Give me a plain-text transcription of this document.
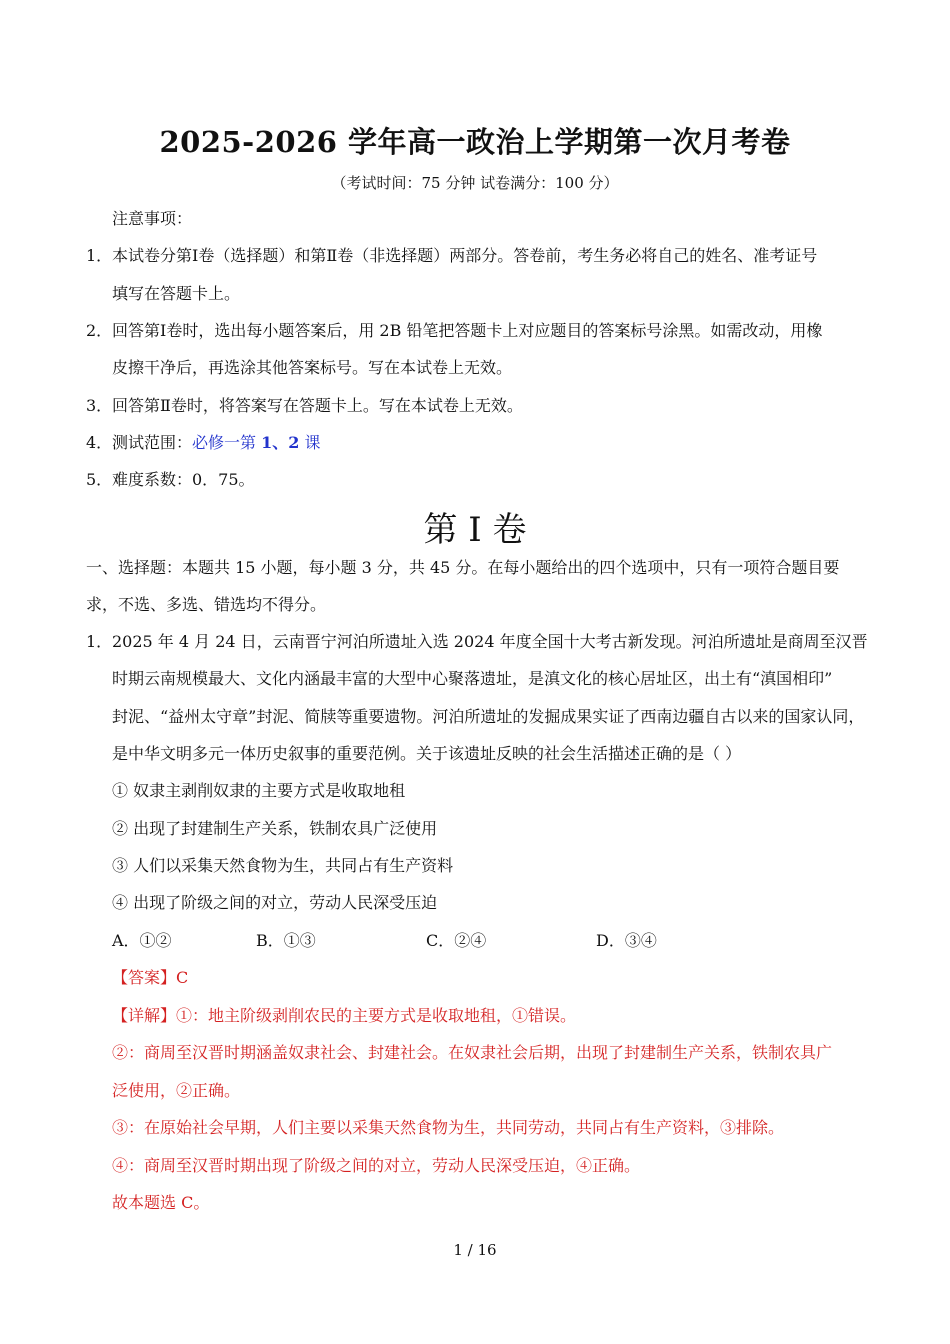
2025-2026 学年高一政治上学期第一次月考卷
（考试时间：75 分钟 试卷满分：100 分）
注意事项：
1．本试卷分第Ⅰ卷（选择题）和第Ⅱ卷（非选择题）两部分。答卷前，考生务必将自己的姓名、准考证号
填写在答题卡上。
2．回答第Ⅰ卷时，选出每小题答案后，用 2B 铅笔把答题卡上对应题目的答案标号涂黑。如需改动，用橡
皮擦干净后，再选涂其他答案标号。写在本试卷上无效。
3．回答第Ⅱ卷时，将答案写在答题卡上。写在本试卷上无效。
4．测试范围：必修一第 1、2 课
5．难度系数：0．75。
第 I 卷
一、选择题：本题共 15 小题，每小题 3 分，共 45 分。在每小题给出的四个选项中，只有一项符合题目要
求，不选、多选、错选均不得分。
1．2025 年 4 月 24 日，云南晋宁河泊所遗址入选 2024 年度全国十大考古新发现。河泊所遗址是商周至汉晋
时期云南规模最大、文化内涵最丰富的大型中心聚落遗址，是滇文化的核心居址区，出土有“滇国相印”
封泥、“益州太守章”封泥、简牍等重要遗物。河泊所遗址的发掘成果实证了西南边疆自古以来的国家认同，
是中华文明多元一体历史叙事的重要范例。关于该遗址反映的社会生活描述正确的是（ ）
① 奴隶主剥削奴隶的主要方式是收取地租
② 出现了封建制生产关系，铁制农具广泛使用
③ 人们以采集天然食物为生，共同占有生产资料
④ 出现了阶级之间的对立，劳动人民深受压迫
A．①②	B．①③	C．②④	D．③④
【答案】C
【详解】①：地主阶级剥削农民的主要方式是收取地租，①错误。
②：商周至汉晋时期涵盖奴隶社会、封建社会。在奴隶社会后期，出现了封建制生产关系，铁制农具广
泛使用，②正确。
③：在原始社会早期，人们主要以采集天然食物为生，共同劳动，共同占有生产资料，③排除。
④：商周至汉晋时期出现了阶级之间的对立，劳动人民深受压迫，④正确。
故本题选 C。
1 / 16
